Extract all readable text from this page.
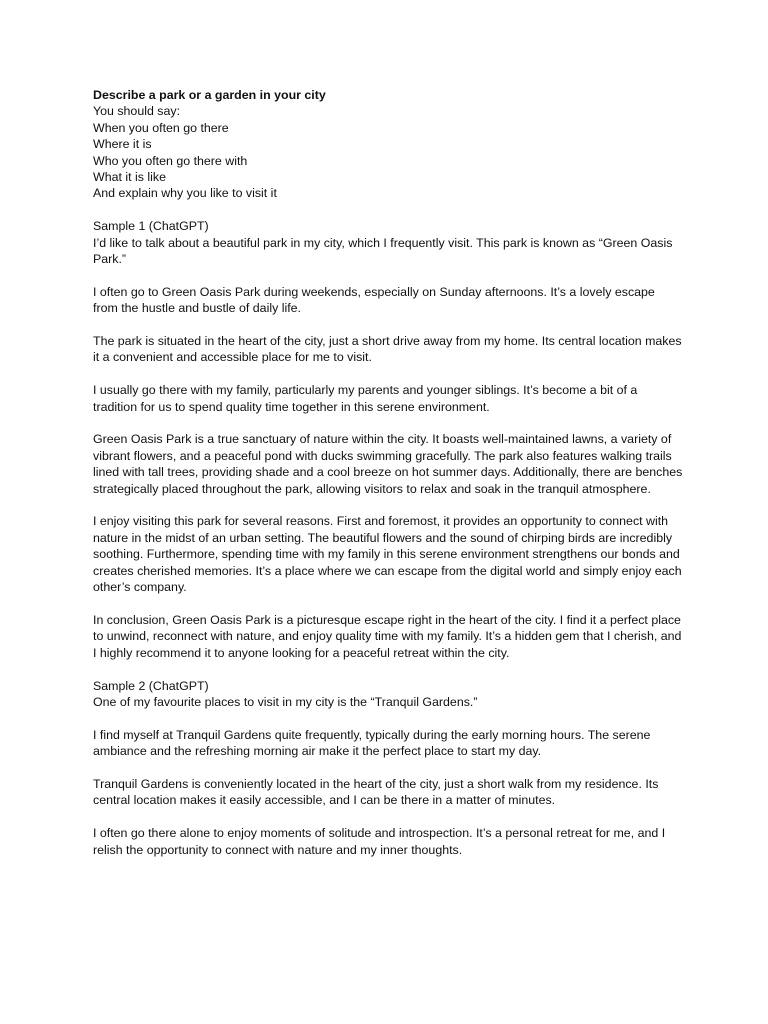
Describe a park or a garden in your city

You should say:

When you often go there

Where it is

Who you often go there with

What it is like

And explain why you like to visit it

Sample 1 (ChatGPT)

I’d like to talk about a beautiful park in my city, which I frequently visit. This park is known as “Green Oasis Park.”

I often go to Green Oasis Park during weekends, especially on Sunday afternoons. It’s a lovely escape from the hustle and bustle of daily life.

The park is situated in the heart of the city, just a short drive away from my home. Its central location makes it a convenient and accessible place for me to visit.

I usually go there with my family, particularly my parents and younger siblings. It’s become a bit of a tradition for us to spend quality time together in this serene environment.

Green Oasis Park is a true sanctuary of nature within the city. It boasts well-maintained lawns, a variety of vibrant flowers, and a peaceful pond with ducks swimming gracefully. The park also features walking trails lined with tall trees, providing shade and a cool breeze on hot summer days. Additionally, there are benches strategically placed throughout the park, allowing visitors to relax and soak in the tranquil atmosphere.

I enjoy visiting this park for several reasons. First and foremost, it provides an opportunity to connect with nature in the midst of an urban setting. The beautiful flowers and the sound of chirping birds are incredibly soothing. Furthermore, spending time with my family in this serene environment strengthens our bonds and creates cherished memories. It’s a place where we can escape from the digital world and simply enjoy each other’s company.

In conclusion, Green Oasis Park is a picturesque escape right in the heart of the city. I find it a perfect place to unwind, reconnect with nature, and enjoy quality time with my family. It’s a hidden gem that I cherish, and I highly recommend it to anyone looking for a peaceful retreat within the city.

Sample 2 (ChatGPT)

One of my favourite places to visit in my city is the “Tranquil Gardens.”

I find myself at Tranquil Gardens quite frequently, typically during the early morning hours. The serene ambiance and the refreshing morning air make it the perfect place to start my day.

Tranquil Gardens is conveniently located in the heart of the city, just a short walk from my residence. Its central location makes it easily accessible, and I can be there in a matter of minutes.

I often go there alone to enjoy moments of solitude and introspection. It’s a personal retreat for me, and I relish the opportunity to connect with nature and my inner thoughts.
